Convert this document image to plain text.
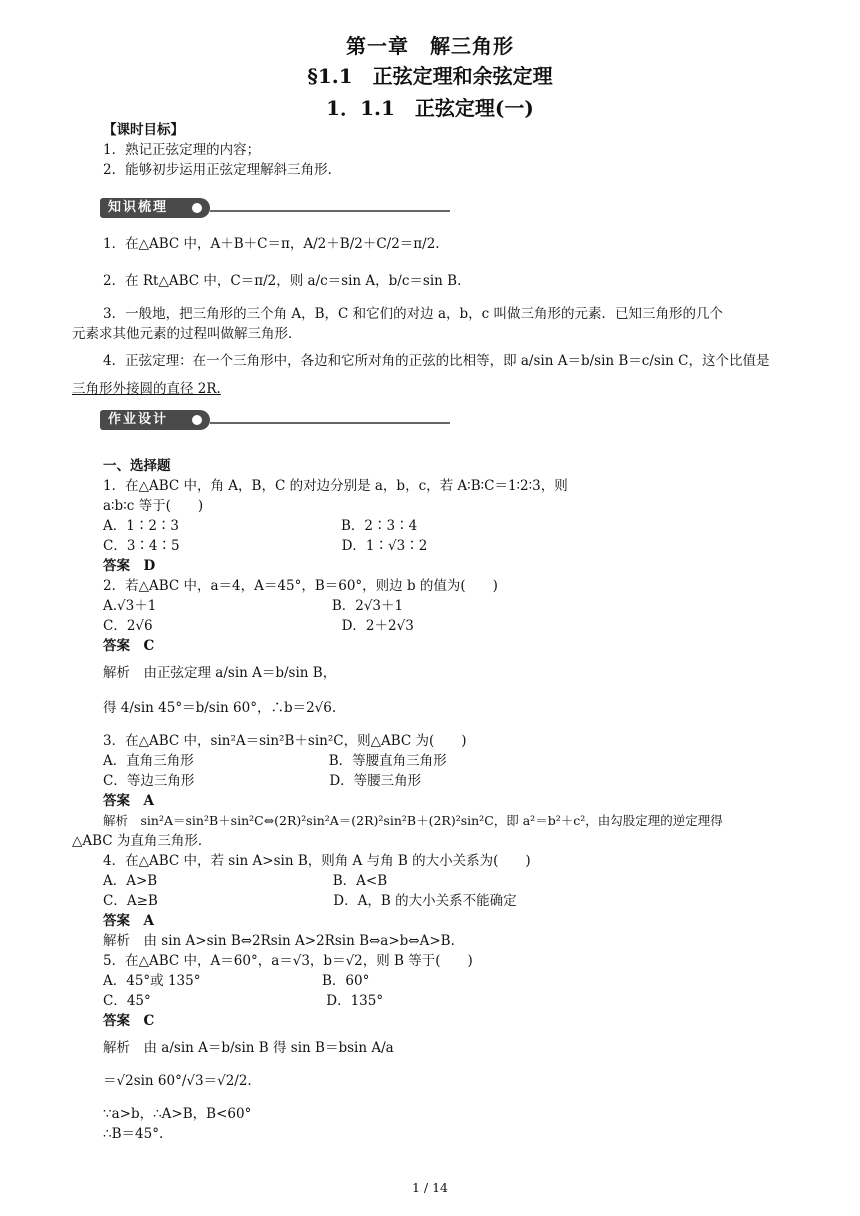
第一章　解三角形
§1.1　正弦定理和余弦定理
1．1.1　正弦定理(一)
【课时目标】
1．熟记正弦定理的内容；
2．能够初步运用正弦定理解斜三角形．
知识梳理
1．在△ABC 中，A＋B＋C＝π，A/2＋B/2＋C/2＝π/2.
2．在 Rt△ABC 中，C＝π/2，则 a/c＝sin A，b/c＝sin B.
3．一般地，把三角形的三个角 A，B，C 和它们的对边 a，b，c 叫做三角形的元素．已知三角形的几个
元素求其他元素的过程叫做解三角形．
4．正弦定理：在一个三角形中，各边和它所对角的正弦的比相等，即 a/sin A＝b/sin B＝c/sin C，这个比值是
三角形外接圆的直径 2R.
作业设计
一、选择题
1．在△ABC 中，角 A，B，C 的对边分别是 a，b，c，若 A∶B∶C＝1∶2∶3，则
a∶b∶c 等于(　　)
A．1∶2∶3　　　　　　　　　　　　B．2∶3∶4
C．3∶4∶5　　　　　　　　　　　　D．1∶√3∶2
答案　D
2．若△ABC 中，a＝4，A＝45°，B＝60°，则边 b 的值为(　　)
A.√3＋1　　　　　　　　　　　　　B．2√3＋1
C．2√6　　　　　　　　　　　　　　D．2＋2√3
答案　C
解析　由正弦定理 a/sin A＝b/sin B，
得 4/sin 45°＝b/sin 60°，∴b＝2√6.
3．在△ABC 中，sin²A＝sin²B＋sin²C，则△ABC 为(　　)
A．直角三角形　　　　　　　　　　B．等腰直角三角形
C．等边三角形　　　　　　　　　　D．等腰三角形
答案　A
解析　sin²A＝sin²B＋sin²C⇔(2R)²sin²A＝(2R)²sin²B＋(2R)²sin²C，即 a²＝b²＋c²，由勾股定理的逆定理得
△ABC 为直角三角形．
4．在△ABC 中，若 sin A>sin B，则角 A 与角 B 的大小关系为(　　)
A．A>B　　　　　　　　　　　　　B．A<B
C．A≥B　　　　　　　　　　　　　D．A，B 的大小关系不能确定
答案　A
解析　由 sin A>sin B⇔2Rsin A>2Rsin B⇔a>b⇔A>B.
5．在△ABC 中，A＝60°，a＝√3，b＝√2，则 B 等于(　　)
A．45°或 135°　　　　　　　　　B．60°
C．45°　　　　　　　　　　　　　D．135°
答案　C
解析　由 a/sin A＝b/sin B 得 sin B＝bsin A/a
＝√2sin 60°/√3＝√2/2.
∵a>b，∴A>B，B<60°
∴B＝45°.
1 / 14
